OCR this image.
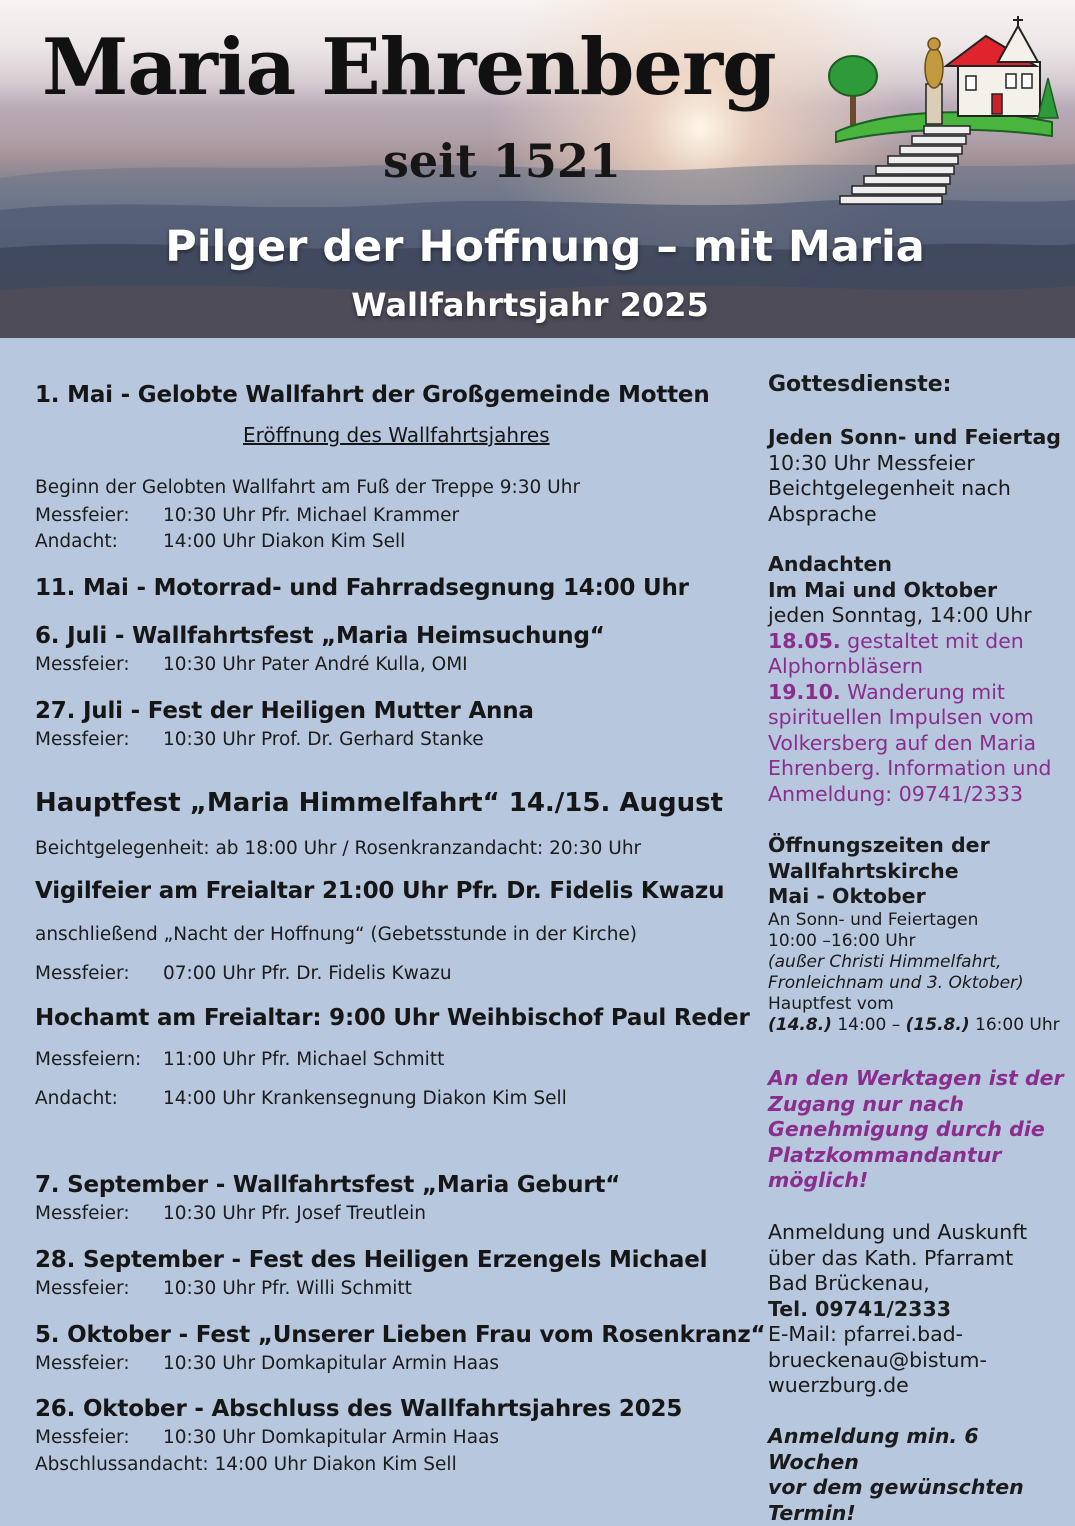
Maria Ehrenberg
seit 1521
Pilger der Hoffnung – mit Maria
Wallfahrtsjahr 2025
1. Mai - Gelobte Wallfahrt der Großgemeinde Motten
Eröffnung des Wallfahrtsjahres
Beginn der Gelobten Wallfahrt am Fuß der Treppe 9:30 Uhr
Messfeier: 10:30 Uhr Pfr. Michael Krammer
Andacht: 14:00 Uhr Diakon Kim Sell
11. Mai - Motorrad- und Fahrradsegnung 14:00 Uhr
6. Juli - Wallfahrtsfest „Maria Heimsuchung“
Messfeier: 10:30 Uhr Pater André Kulla, OMI
27. Juli - Fest der Heiligen Mutter Anna
Messfeier: 10:30 Uhr Prof. Dr. Gerhard Stanke
Hauptfest „Maria Himmelfahrt“ 14./15. August
Beichtgelegenheit: ab 18:00 Uhr / Rosenkranzandacht: 20:30 Uhr
Vigilfeier am Freialtar 21:00 Uhr Pfr. Dr. Fidelis Kwazu
anschließend „Nacht der Hoffnung“ (Gebetsstunde in der Kirche)
Messfeier: 07:00 Uhr Pfr. Dr. Fidelis Kwazu
Hochamt am Freialtar: 9:00 Uhr Weihbischof Paul Reder
Messfeiern: 11:00 Uhr Pfr. Michael Schmitt
Andacht: 14:00 Uhr Krankensegnung Diakon Kim Sell
7. September - Wallfahrtsfest „Maria Geburt“
Messfeier: 10:30 Uhr Pfr. Josef Treutlein
28. September - Fest des Heiligen Erzengels Michael
Messfeier: 10:30 Uhr Pfr. Willi Schmitt
5. Oktober - Fest „Unserer Lieben Frau vom Rosenkranz“
Messfeier: 10:30 Uhr Domkapitular Armin Haas
26. Oktober - Abschluss des Wallfahrtsjahres 2025
Messfeier: 10:30 Uhr Domkapitular Armin Haas
Abschlussandacht: 14:00 Uhr Diakon Kim Sell
Gottesdienste:
Jeden Sonn- und Feiertag
10:30 Uhr Messfeier
Beichtgelegenheit nach
Absprache
Andachten
Im Mai und Oktober
jeden Sonntag, 14:00 Uhr
18.05. gestaltet mit den
Alphornbläsern
19.10. Wanderung mit
spirituellen Impulsen vom
Volkersberg auf den Maria
Ehrenberg. Information und
Anmeldung: 09741/2333
Öffnungszeiten der
Wallfahrtskirche
Mai - Oktober
An Sonn- und Feiertagen
10:00 –16:00 Uhr
(außer Christi Himmelfahrt,
Fronleichnam und 3. Oktober)
Hauptfest vom
(14.8.) 14:00 – (15.8.) 16:00 Uhr
An den Werktagen ist der
Zugang nur nach
Genehmigung durch die
Platzkommandantur
möglich!
Anmeldung und Auskunft
über das Kath. Pfarramt
Bad Brückenau,
Tel. 09741/2333
E-Mail: pfarrei.bad-
brueckenau@bistum-
wuerzburg.de
Anmeldung min. 6 Wochen
vor dem gewünschten
Termin!
